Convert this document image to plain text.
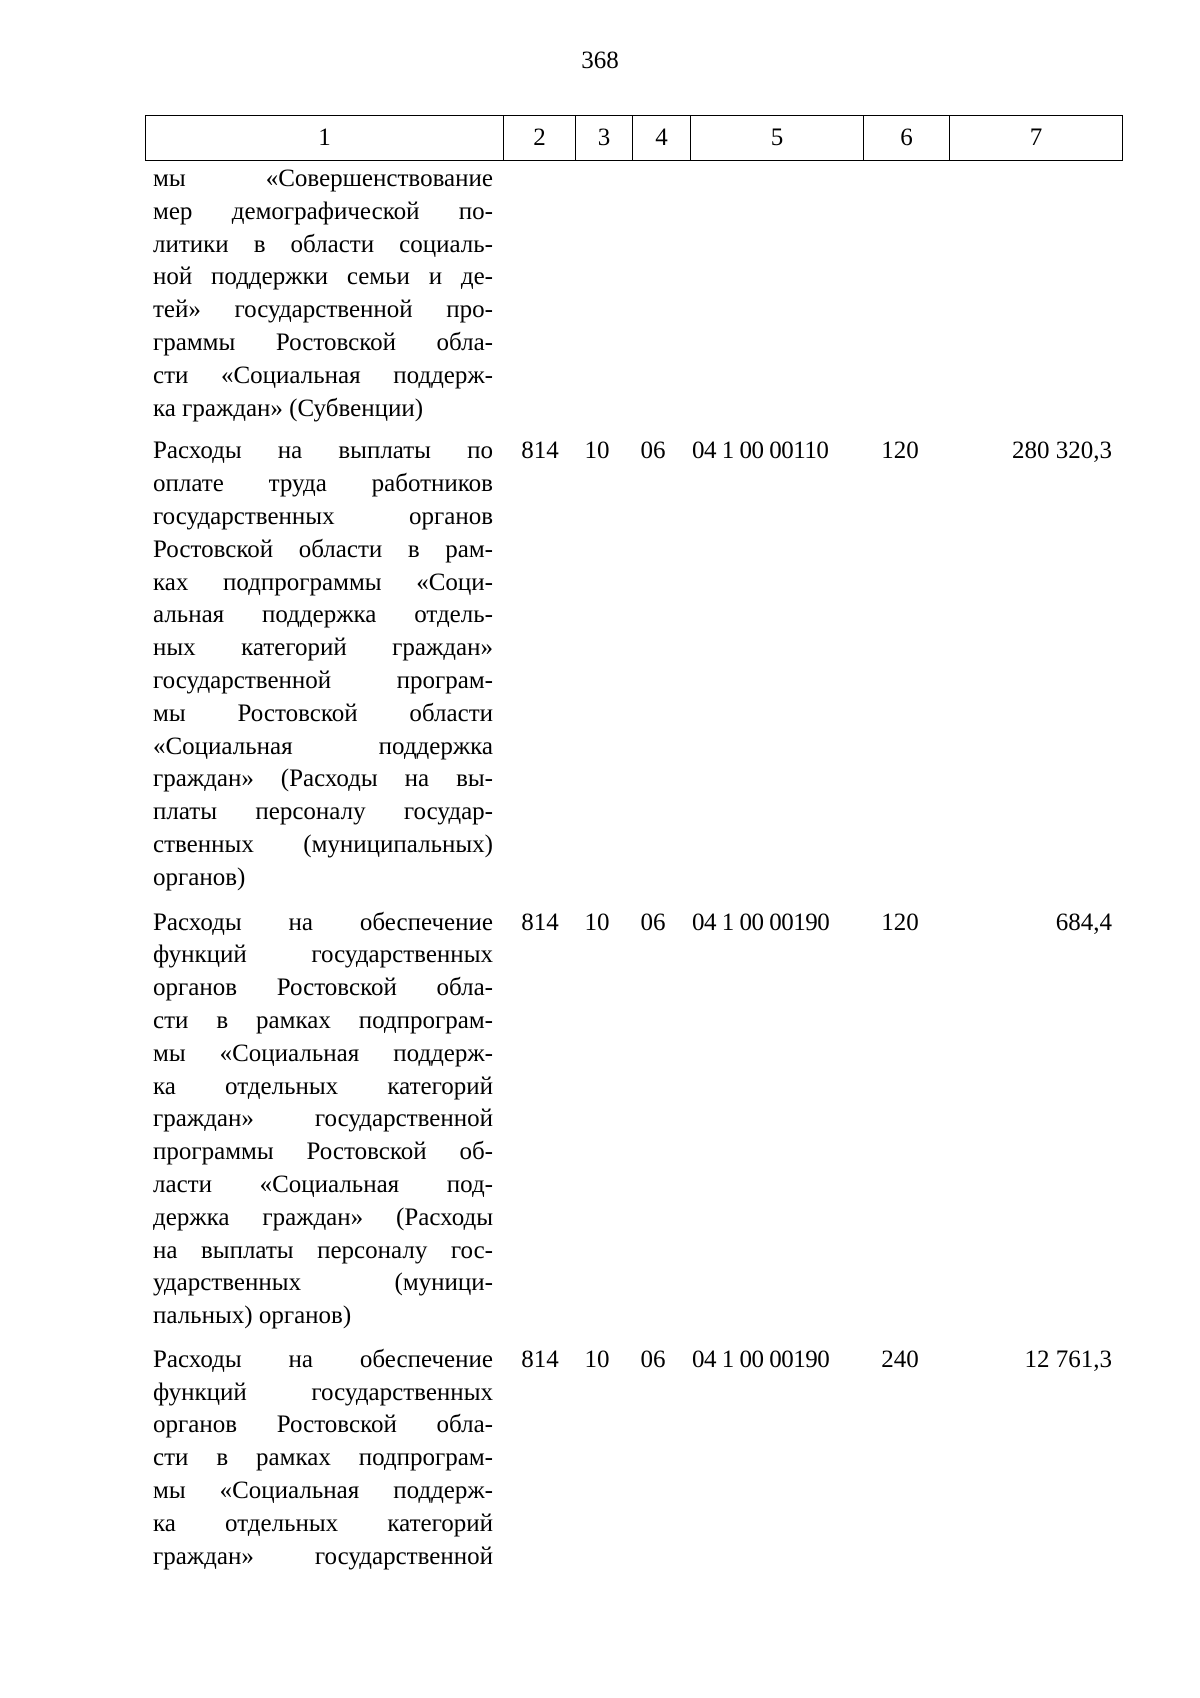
368
1	2	3	4	5	6	7
мы «Совершенствование
мер демографической по-
литики в области социаль-
ной поддержки семьи и де-
тей» государственной про-
граммы Ростовской обла-
сти «Социальная поддерж-
ка граждан» (Субвенции)
Расходы на выплаты по
оплате труда работников
государственных органов
Ростовской области в рам-
ках подпрограммы «Соци-
альная поддержка отдель-
ных категорий граждан»
государственной програм-
мы Ростовской области
«Социальная поддержка
граждан» (Расходы на вы-
платы персоналу государ-
ственных (муниципальных)
органов)
814	10	06	04 1 00 00110	120	280 320,3
Расходы на обеспечение
функций государственных
органов Ростовской обла-
сти в рамках подпрограм-
мы «Социальная поддерж-
ка отдельных категорий
граждан» государственной
программы Ростовской об-
ласти «Социальная под-
держка граждан» (Расходы
на выплаты персоналу гос-
ударственных (муници-
пальных) органов)
814	10	06	04 1 00 00190	120	684,4
Расходы на обеспечение
функций государственных
органов Ростовской обла-
сти в рамках подпрограм-
мы «Социальная поддерж-
ка отдельных категорий
граждан» государственной
814	10	06	04 1 00 00190	240	12 761,3
